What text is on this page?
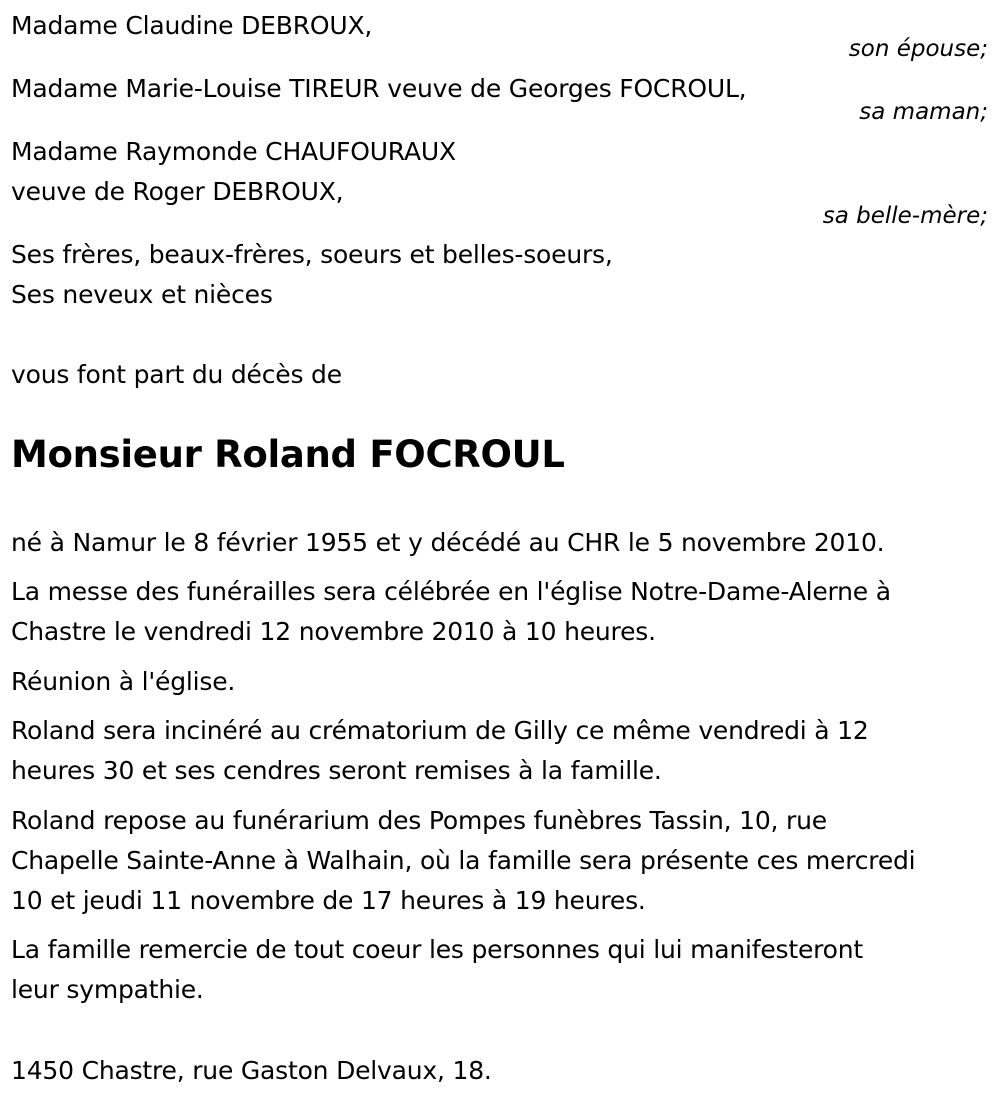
Madame Claudine DEBROUX,
son épouse;
Madame Marie-Louise TIREUR veuve de Georges FOCROUL,
sa maman;
Madame Raymonde CHAUFOURAUX
veuve de Roger DEBROUX,
sa belle-mère;
Ses frères, beaux-frères, soeurs et belles-soeurs,
Ses neveux et nièces
vous font part du décès de
Monsieur Roland FOCROUL
né à Namur le 8 février 1955 et y décédé au CHR le 5 novembre 2010.
La messe des funérailles sera célébrée en l'église Notre-Dame-Alerne à
Chastre le vendredi 12 novembre 2010 à 10 heures.
Réunion à l'église.
Roland sera incinéré au crématorium de Gilly ce même vendredi à 12
heures 30 et ses cendres seront remises à la famille.
Roland repose au funérarium des Pompes funèbres Tassin, 10, rue
Chapelle Sainte-Anne à Walhain, où la famille sera présente ces mercredi
10 et jeudi 11 novembre de 17 heures à 19 heures.
La famille remercie de tout coeur les personnes qui lui manifesteront
leur sympathie.
1450 Chastre, rue Gaston Delvaux, 18.
